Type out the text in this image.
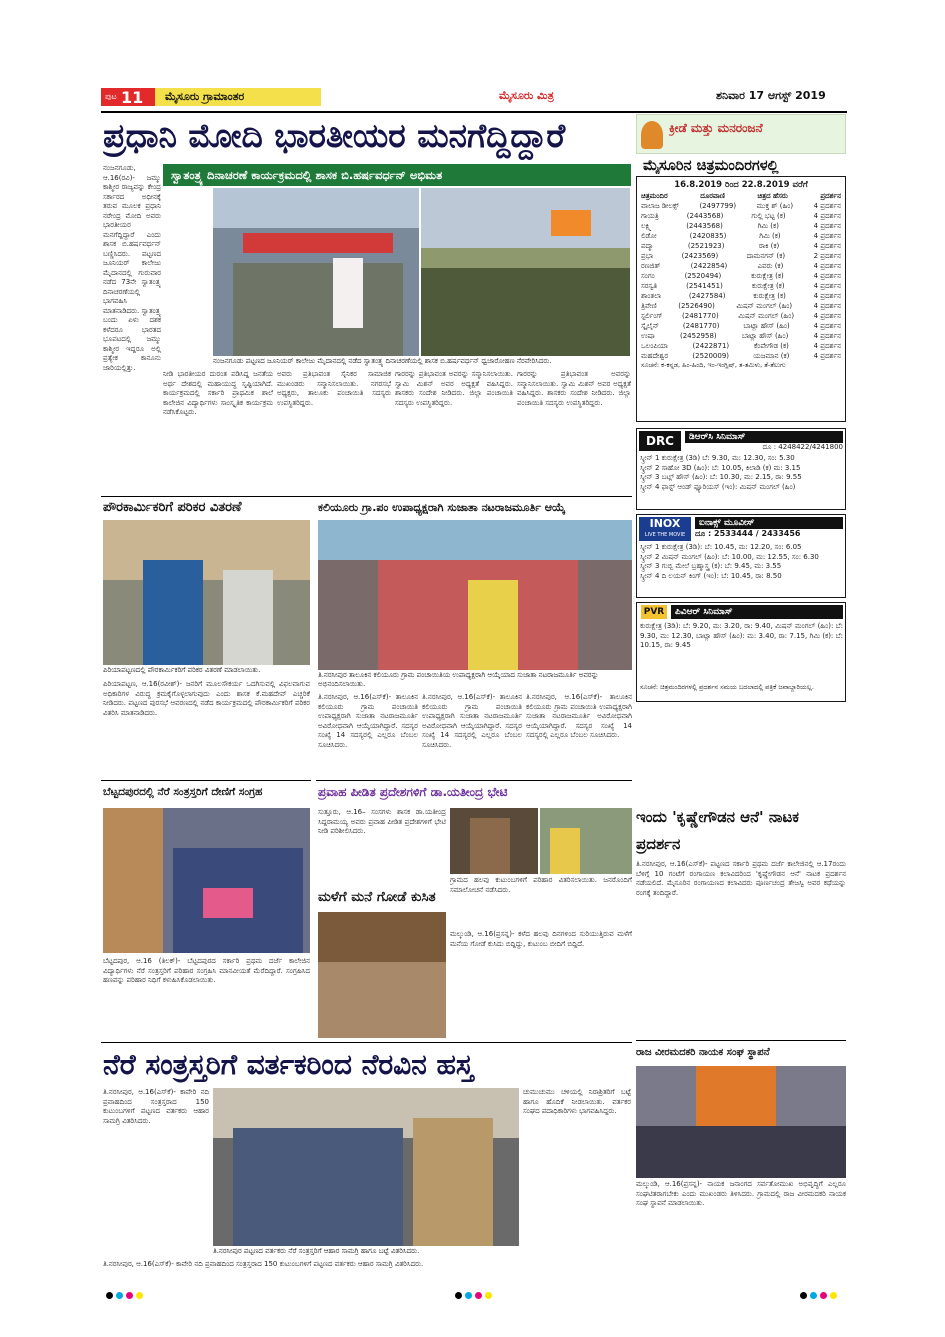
ಪುಟ 11 ಮೈಸೂರು ಗ್ರಾಮಾಂತರ	ಮೈಸೂರು ಮಿತ್ರ	ಶನಿವಾರ 17 ಆಗಸ್ಟ್ 2019
ಪ್ರಧಾನಿ ಮೋದಿ ಭಾರತೀಯರ ಮನಗೆದ್ದಿದ್ದಾರೆ
ಸ್ವಾತಂತ್ರ್ಯ ದಿನಾಚರಣೆ ಕಾರ್ಯಕ್ರಮದಲ್ಲಿ ಶಾಸಕ ಬಿ.ಹರ್ಷವರ್ಧನ್ ಅಭಿಮತ
ನಂಜನಗೂಡು, ಆ.16(ರವಿ)- ಜಮ್ಮು ಕಾಶ್ಮೀರ ರಾಜ್ಯವನ್ನು ಕೇಂದ್ರ ಸರ್ಕಾರದ ಅಧೀನಕ್ಕೆ ತರುವ ಮೂಲಕ ಪ್ರಧಾನಿ ನರೇಂದ್ರ ಮೋದಿ ಅವರು ಭಾರತೀಯರ ಮನಗೆದ್ದಿದ್ದಾರೆ ಎಂದು ಶಾಸಕ ಬಿ.ಹರ್ಷವರ್ಧನ್ ಬಣ್ಣಿಸಿದರು. ಪಟ್ಟಣದ ಜೂನಿಯರ್ ಕಾಲೇಜು ಮೈದಾನದಲ್ಲಿ ಗುರುವಾರ ನಡೆದ 73ನೇ ಸ್ವಾತಂತ್ರ್ಯ ದಿನಾಚರಣೆಯಲ್ಲಿ ಭಾಗವಹಿಸಿ ಮಾತನಾಡಿದರು. ಸ್ವಾತಂತ್ರ್ಯ ಬಂದು ಏಳು ದಶಕ ಕಳೆದರೂ ಭಾರತದ ಭೂಪಟದಲ್ಲಿ ಜಮ್ಮು ಕಾಶ್ಮೀರ ಇದ್ದರೂ ಅಲ್ಲಿ ಪ್ರತ್ಯೇಕ ಕಾನೂನು ಜಾರಿಯಲ್ಲಿತ್ತು.
ನಂಜನಗೂಡು ಪಟ್ಟಣದ ಜೂನಿಯರ್ ಕಾಲೇಜು ಮೈದಾನದಲ್ಲಿ ನಡೆದ ಸ್ವಾತಂತ್ರ್ಯ ದಿನಾಚರಣೆಯಲ್ಲಿ ಶಾಸಕ ಬಿ.ಹರ್ಷವರ್ಧನ್ ಧ್ವಜಾರೋಹಣ ನೆರವೇರಿಸಿದರು.
ನೀಡಿ ಭಾರತೀಯರ ದುರಂತ ಪಡಿಸಿದ್ದ ಜನತೆಯ ಅರ್ಥ ದೇಶದಲ್ಲಿ ಮಹಾಯುದ್ಧ ಸೃಷ್ಟಿಯಾಗಿದೆ. ಕಾರ್ಯಕ್ರಮದಲ್ಲಿ ಸರ್ಕಾರಿ ಪ್ರಾಥಮಿಕ ಶಾಲೆ ಕಾಲೇಜಿನ ವಿದ್ಯಾರ್ಥಿಗಳು ಸಾಂಸ್ಕೃತಿಕ ಕಾರ್ಯಕ್ರಮ ನಡೆಸಿಕೊಟ್ಟರು.
ಅವರು ಪ್ರತಿಭಾವಂತ ಸೈನಿಕರ ಸಾಮಾಜಿಕ ಮುಖಂಡರು ಸನ್ಮಾನಿಸಲಾಯಿತು. ನಗರಸಭೆ ಅಧ್ಯಕ್ಷರು, ತಾಲೂಕು ಪಂಚಾಯಿತಿ ಸದಸ್ಯರು ಉಪಸ್ಥಿತರಿದ್ದರು.
ಗಾರರನ್ನು ಪ್ರತಿಭಾವಂತ ಅವರನ್ನು ಸನ್ಮಾನಿಸಲಾಯಿತು. ಸ್ವಾಮಿ ಮಿಶನ್ ಅವರ ಅಧ್ಯಕ್ಷತೆ ವಹಿಸಿದ್ದರು. ಶಾಸಕರು ಸಂದೇಶ ನೀಡಿದರು. ಜಿಲ್ಲಾ ಪಂಚಾಯಿತಿ ಸದಸ್ಯರು ಉಪಸ್ಥಿತರಿದ್ದರು.
ಗಾರರನ್ನು ಪ್ರತಿಭಾವಂತ ಅವರನ್ನು ಸನ್ಮಾನಿಸಲಾಯಿತು. ಸ್ವಾಮಿ ಮಿಶನ್ ಅವರ ಅಧ್ಯಕ್ಷತೆ ವಹಿಸಿದ್ದರು. ಶಾಸಕರು ಸಂದೇಶ ನೀಡಿದರು. ಜಿಲ್ಲಾ ಪಂಚಾಯಿತಿ ಸದಸ್ಯರು ಉಪಸ್ಥಿತರಿದ್ದರು.
ಕ್ರೀಡೆ ಮತ್ತು ಮನರಂಜನೆ
ಮೈಸೂರಿನ ಚಿತ್ರಮಂದಿರಗಳಲ್ಲಿ
16.8.2019 ರಿಂದ 22.8.2019 ವರೆಗೆ
ಚಿತ್ರಮಂದಿರ	ದೂರವಾಣಿ	ಚಿತ್ರದ ಹೆಸರು	ಪ್ರದರ್ಶನ
ವಾಲಾಜ ಡೀಲಕ್ಸ್	(2497799)	ಮುಕ್ತ ಶ್ (ಹಿಂ)	4 ಪ್ರದರ್ಶನ
ಗಾಯತ್ರಿ	(2443568)	ಗುಲ್ಲಿ ಭಟ್ಟ (ಕ)	4 ಪ್ರದರ್ಶನ
ಲಕ್ಷ್ಮಿ	(2443568)	ಗಿಮಿ (ಕ)	4 ಪ್ರದರ್ಶನ
ಲಿಡೋ	(2420835)	ಗಿಮಿ (ಕ)	4 ಪ್ರದರ್ಶನ
ಪದ್ಮಾ	(2521923)	ರಾಕಿ (ಕ)	4 ಪ್ರದರ್ಶನ
ಪ್ರಭಾ	(2423569)	ದಾಮನಗನ್ (ಕ)	2 ಪ್ರದರ್ಶನ
ರಣಜಿತ್	(2422854)	ಎವರು (ಕ)	4 ಪ್ರದರ್ಶನ
ಸಂಗಂ	(2520494)	ಕುರುಕ್ಷೇತ್ರ (ಕ)	4 ಪ್ರದರ್ಶನ
ಸರಸ್ವತಿ	(2541451)	ಕುರುಕ್ಷೇತ್ರ (ಕ)	4 ಪ್ರದರ್ಶನ
ಶಾಂತಲಾ	(2427584)	ಕುರುಕ್ಷೇತ್ರ (ಕ)	4 ಪ್ರದರ್ಶನ
ತ್ರಿವೇಣಿ	(2526490)	ಮಿಷನ್ ಮಂಗಲ್ (ಹಿಂ)	4 ಪ್ರದರ್ಶನ
ಸ್ಟರ್ಲಿಂಗ್	(2481770)	ಮಿಷನ್ ಮಂಗಲ್ (ಹಿಂ)	4 ಪ್ರದರ್ಶನ
ಸ್ಕೈಲೈನ್	(2481770)	ಬಾಟ್ಲಾ ಹೌಸ್ (ಹಿಂ)	4 ಪ್ರದರ್ಶನ
ಉಷಾ	(2452958)	ಬಾಟ್ಲಾ ಹೌಸ್ (ಹಿಂ)	4 ಪ್ರದರ್ಶನ
ಒಲಂಪಿಯಾ	(2422871)	ಕೆಂಪೇಗೌಡ (ಕ)	4 ಪ್ರದರ್ಶನ
ಮಹದೇಶ್ವರ	(2520009)	ಯಜಮಾನ (ಕ)	4 ಪ್ರದರ್ಶನ
ಸೂಚನೆ: ಕ-ಕನ್ನಡ, ಹಿಂ-ಹಿಂದಿ, ಇಂ-ಇಂಗ್ಲಿಷ್, ತ-ತಮಿಳು, ತೆ-ತೆಲುಗು
DRC	ಡಿಆರ್‌ಸಿ ಸಿನಿಮಾಸ್
ದೂ : 4248422/4241800
ಸ್ಕ್ರೀನ್ 1 ಕುರುಕ್ಷೇತ್ರ (3ಡಿ) ಬೆ: 9.30, ಮ: 12.30, ಸಂ: 5.30
ಸ್ಕ್ರೀನ್ 2 ಸಾಹೋ 3D (ಹಿಂ): ಬೆ: 10.05, ಕಿಲಾಡಿ (ಕ) ಮ: 3.15
ಸ್ಕ್ರೀನ್ 3 ಬಟ್ಲ್ ಹೌಸ್ (ಹಿಂ): ಬೆ: 10.30, ಮ: 2.15, ರಾ: 9.55
ಸ್ಕ್ರೀನ್ 4 ಫಾಸ್ಟ್ ಆಂಡ್ ಫ್ಯೂರಿಯಸ್ (ಇಂ): ಮಿಷನ್ ಮಂಗಲ್ (ಹಿಂ)
INOX
LIVE THE MOVIE
ಐನಾಕ್ಸ್ ಮೂವೀಸ್
ದೂ : 2533444 / 2433456
ಸ್ಕ್ರೀನ್ 1 ಕುರುಕ್ಷೇತ್ರ (3ಡಿ): ಬೆ: 10.45, ಮ: 12.20, ಸಂ: 6.05
ಸ್ಕ್ರೀನ್ 2 ಮಿಷನ್ ಮಂಗಲ್ (ಹಿಂ): ಬೆ: 10.00, ಮ: 12.55, ಸಂ: 6.30
ಸ್ಕ್ರೀನ್ 3 ಗುಬ್ಬಿ ಮೇಲೆ ಬ್ರಹ್ಮಾಸ್ತ್ರ (ಕ): ಬೆ: 9.45, ಮ: 3.55
ಸ್ಕ್ರೀನ್ 4 ದಿ ಲಯನ್ ಕಿಂಗ್ (ಇಂ): ಬೆ: 10.45, ರಾ: 8.50
PVR	ಪಿವಿಆರ್ ಸಿನಿಮಾಸ್
ಕುರುಕ್ಷೇತ್ರ (3ಡಿ): ಬೆ: 9.20, ಮ: 3.20, ರಾ: 9.40, ಮಿಷನ್ ಮಂಗಲ್ (ಹಿಂ): ಬೆ: 9.30, ಮ: 12.30, ಬಾಟ್ಲಾ ಹೌಸ್ (ಹಿಂ): ಮ: 3.40, ರಾ: 7.15, ಗಿಮಿ (ಕ): ಬೆ: 10.15, ರಾ: 9.45
ಸೂಚನೆ: ಚಿತ್ರಮಂದಿರಗಳಲ್ಲಿ ಪ್ರದರ್ಶನ ಸಮಯ ಬದಲಾದಲ್ಲಿ ಪತ್ರಿಕೆ ಜವಾಬ್ದಾರಿಯಲ್ಲ.
ಪೌರಕಾರ್ಮಿಕರಿಗೆ ಪರಿಕರ ವಿತರಣೆ	ಕಲಿಯೂರು ಗ್ರಾ.ಪಂ ಉಪಾಧ್ಯಕ್ಷರಾಗಿ ಸುಜಾತಾ ನಟರಾಜಮೂರ್ತಿ ಆಯ್ಕೆ
ಪಿರಿಯಾಪಟ್ಟಣದಲ್ಲಿ ಪೌರಕಾರ್ಮಿಕರಿಗೆ ಪರಿಕರ ವಿತರಣೆ ಮಾಡಲಾಯಿತು.
ಪಿರಿಯಾಪಟ್ಟಣ, ಆ.16(ರವೀಶ್)- ಜನರಿಗೆ ಮೂಲಸೌಕರ್ಯ ಒದಗಿಸುವಲ್ಲಿ ವಿಫಲವಾಗುವ ಅಧಿಕಾರಿಗಳ ವಿರುದ್ಧ ಕ್ರಮಕೈಗೊಳ್ಳಲಾಗುವುದು ಎಂದು ಶಾಸಕ ಕೆ.ಮಹದೇವ್ ಎಚ್ಚರಿಕೆ ನೀಡಿದರು. ಪಟ್ಟಣದ ಪುರಸಭೆ ಆವರಣದಲ್ಲಿ ನಡೆದ ಕಾರ್ಯಕ್ರಮದಲ್ಲಿ ಪೌರಕಾರ್ಮಿಕರಿಗೆ ಪರಿಕರ ವಿತರಿಸಿ ಮಾತನಾಡಿದರು.
ತಿ.ನರಸೀಪುರ ತಾಲೂಕಿನ ಕಲಿಯೂರು ಗ್ರಾಮ ಪಂಚಾಯಿತಿಯ ಉಪಾಧ್ಯಕ್ಷರಾಗಿ ಆಯ್ಕೆಯಾದ ಸುಜಾತಾ ನಟರಾಜಮೂರ್ತಿ ಅವರನ್ನು ಅಭಿನಂದಿಸಲಾಯಿತು.
ತಿ.ನರಸೀಪುರ, ಆ.16(ಎಸ್‌ಕೆ)- ತಾಲೂಕಿನ ಕಲಿಯೂರು ಗ್ರಾಮ ಪಂಚಾಯಿತಿ ಉಪಾಧ್ಯಕ್ಷರಾಗಿ ಸುಜಾತಾ ನಟರಾಜಮೂರ್ತಿ ಅವಿರೋಧವಾಗಿ ಆಯ್ಕೆಯಾಗಿದ್ದಾರೆ. ಸದಸ್ಯರ ಸಂಖ್ಯೆ 14 ಸದಸ್ಯರಲ್ಲಿ ಎಲ್ಲರೂ ಬೆಂಬಲ ಸೂಚಿಸಿದರು.
ತಿ.ನರಸೀಪುರ, ಆ.16(ಎಸ್‌ಕೆ)- ತಾಲೂಕಿನ ಕಲಿಯೂರು ಗ್ರಾಮ ಪಂಚಾಯಿತಿ ಉಪಾಧ್ಯಕ್ಷರಾಗಿ ಸುಜಾತಾ ನಟರಾಜಮೂರ್ತಿ ಅವಿರೋಧವಾಗಿ ಆಯ್ಕೆಯಾಗಿದ್ದಾರೆ. ಸದಸ್ಯರ ಸಂಖ್ಯೆ 14 ಸದಸ್ಯರಲ್ಲಿ ಎಲ್ಲರೂ ಬೆಂಬಲ ಸೂಚಿಸಿದರು.
ತಿ.ನರಸೀಪುರ, ಆ.16(ಎಸ್‌ಕೆ)- ತಾಲೂಕಿನ ಕಲಿಯೂರು ಗ್ರಾಮ ಪಂಚಾಯಿತಿ ಉಪಾಧ್ಯಕ್ಷರಾಗಿ ಸುಜಾತಾ ನಟರಾಜಮೂರ್ತಿ ಅವಿರೋಧವಾಗಿ ಆಯ್ಕೆಯಾಗಿದ್ದಾರೆ. ಸದಸ್ಯರ ಸಂಖ್ಯೆ 14 ಸದಸ್ಯರಲ್ಲಿ ಎಲ್ಲರೂ ಬೆಂಬಲ ಸೂಚಿಸಿದರು.
ಬೆಟ್ಟದಪುರದಲ್ಲಿ ನೆರೆ ಸಂತ್ರಸ್ತರಿಗೆ ದೇಣಿಗೆ ಸಂಗ್ರಹ
ಬೆಟ್ಟದಪುರ, ಆ.16 (ತಿಲಕ್)- ಬೆಟ್ಟದಪುರದ ಸರ್ಕಾರಿ ಪ್ರಥಮ ದರ್ಜೆ ಕಾಲೇಜಿನ ವಿದ್ಯಾರ್ಥಿಗಳು ನೆರೆ ಸಂತ್ರಸ್ತರಿಗೆ ಪರಿಹಾರ ಸಂಗ್ರಹಿಸಿ ಮಾನವೀಯತೆ ಮೆರೆದಿದ್ದಾರೆ. ಸಂಗ್ರಹಿಸಿದ ಹಣವನ್ನು ಪರಿಹಾರ ನಿಧಿಗೆ ಕಳುಹಿಸಿಕೊಡಲಾಯಿತು.
ಪ್ರವಾಹ ಪೀಡಿತ ಪ್ರದೇಶಗಳಿಗೆ ಡಾ.ಯತೀಂದ್ರ ಭೇಟಿ
ಸುತ್ತೂರು, ಆ.16– ಸಂಸಗಳು ಶಾಸಕ ಡಾ.ಯತೀಂದ್ರ ಸಿದ್ದರಾಮಯ್ಯ ಅವರು ಪ್ರವಾಹ ಪೀಡಿತ ಪ್ರದೇಶಗಳಿಗೆ ಭೇಟಿ ನೀಡಿ ಪರಿಶೀಲಿಸಿದರು.
ಗ್ರಾಮದ ಹಲವು ಕುಟುಂಬಗಳಿಗೆ ಪರಿಹಾರ ವಿತರಿಸಲಾಯಿತು. ಜನರೊಂದಿಗೆ ಸಮಾಲೋಚನೆ ನಡೆಸಿದರು.
ಮಳೆಗೆ ಮನೆ ಗೋಡೆ ಕುಸಿತ
ಮಲ್ಕುಂಡಿ, ಆ.16(ಪ್ರಸನ್ನ)- ಕಳೆದ ಹಲವು ದಿನಗಳಿಂದ ಸುರಿಯುತ್ತಿರುವ ಮಳೆಗೆ ಮನೆಯ ಗೋಡೆ ಕುಸಿದು ಬಿದ್ದಿದ್ದು, ಕುಟುಂಬ ಬೀದಿಗೆ ಬಿದ್ದಿದೆ.
ಇಂದು 'ಕೃಷ್ಣೇಗೌಡನ ಆನೆ' ನಾಟಕ ಪ್ರದರ್ಶನ
ತಿ.ನರಸೀಪುರ, ಆ.16(ಎಸ್‌ಕೆ)- ಪಟ್ಟಣದ ಸರ್ಕಾರಿ ಪ್ರಥಮ ದರ್ಜೆ ಕಾಲೇಜಿನಲ್ಲಿ ಆ.17ರಂದು ಬೆಳಿಗ್ಗೆ 10 ಗಂಟೆಗೆ ರಂಗಾಯಣ ಕಲಾವಿದರಿಂದ 'ಕೃಷ್ಣೇಗೌಡನ ಆನೆ' ನಾಟಕ ಪ್ರದರ್ಶನ ನಡೆಯಲಿದೆ. ಮೈಸೂರಿನ ರಂಗಾಯಣದ ಕಲಾವಿದರು ಪೂರ್ಣಚಂದ್ರ ತೇಜಸ್ವಿ ಅವರ ಕಥೆಯನ್ನು ರಂಗಕ್ಕೆ ತಂದಿದ್ದಾರೆ.
ನೆರೆ ಸಂತ್ರಸ್ತರಿಗೆ ವರ್ತಕರಿಂದ ನೆರವಿನ ಹಸ್ತ
ತಿ.ನರಸೀಪುರ, ಆ.16(ಎಸ್‌ಕೆ)- ಕಾವೇರಿ ನದಿ ಪ್ರವಾಹದಿಂದ ಸಂತ್ರಸ್ತರಾದ 150 ಕುಟುಂಬಗಳಿಗೆ ಪಟ್ಟಣದ ವರ್ತಕರು ಆಹಾರ ಸಾಮಗ್ರಿ ವಿತರಿಸಿದರು.
ತಿ.ನರಸೀಪುರ ಪಟ್ಟಣದ ವರ್ತಕರು ನೆರೆ ಸಂತ್ರಸ್ತರಿಗೆ ಆಹಾರ ಸಾಮಗ್ರಿ ಹಾಗೂ ಬಟ್ಟೆ ವಿತರಿಸಿದರು.
ಚುಮುಚುಮು ಚಳಿಯಲ್ಲಿ ನಿರಾಶ್ರಿತರಿಗೆ ಬಟ್ಟೆ ಹಾಗೂ ಹೊದಿಕೆ ನೀಡಲಾಯಿತು. ವರ್ತಕರ ಸಂಘದ ಪದಾಧಿಕಾರಿಗಳು ಭಾಗವಹಿಸಿದ್ದರು.
ತಿ.ನರಸೀಪುರ, ಆ.16(ಎಸ್‌ಕೆ)- ಕಾವೇರಿ ನದಿ ಪ್ರವಾಹದಿಂದ ಸಂತ್ರಸ್ತರಾದ 150 ಕುಟುಂಬಗಳಿಗೆ ಪಟ್ಟಣದ ವರ್ತಕರು ಆಹಾರ ಸಾಮಗ್ರಿ ವಿತರಿಸಿದರು.
ರಾಜ ವೀರಮದಕರಿ ನಾಯಕ ಸಂಘ ಸ್ಥಾಪನೆ
ಮಲ್ಕುಂಡಿ, ಆ.16(ಪ್ರಸನ್ನ)- ನಾಯಕ ಜನಾಂಗದ ಸರ್ವತೋಮುಖ ಅಭಿವೃದ್ಧಿಗೆ ಎಲ್ಲರೂ ಸಂಘಟಿತರಾಗಬೇಕು ಎಂದು ಮುಖಂಡರು ತಿಳಿಸಿದರು. ಗ್ರಾಮದಲ್ಲಿ ರಾಜ ವೀರಮದಕರಿ ನಾಯಕ ಸಂಘ ಸ್ಥಾಪನೆ ಮಾಡಲಾಯಿತು.
